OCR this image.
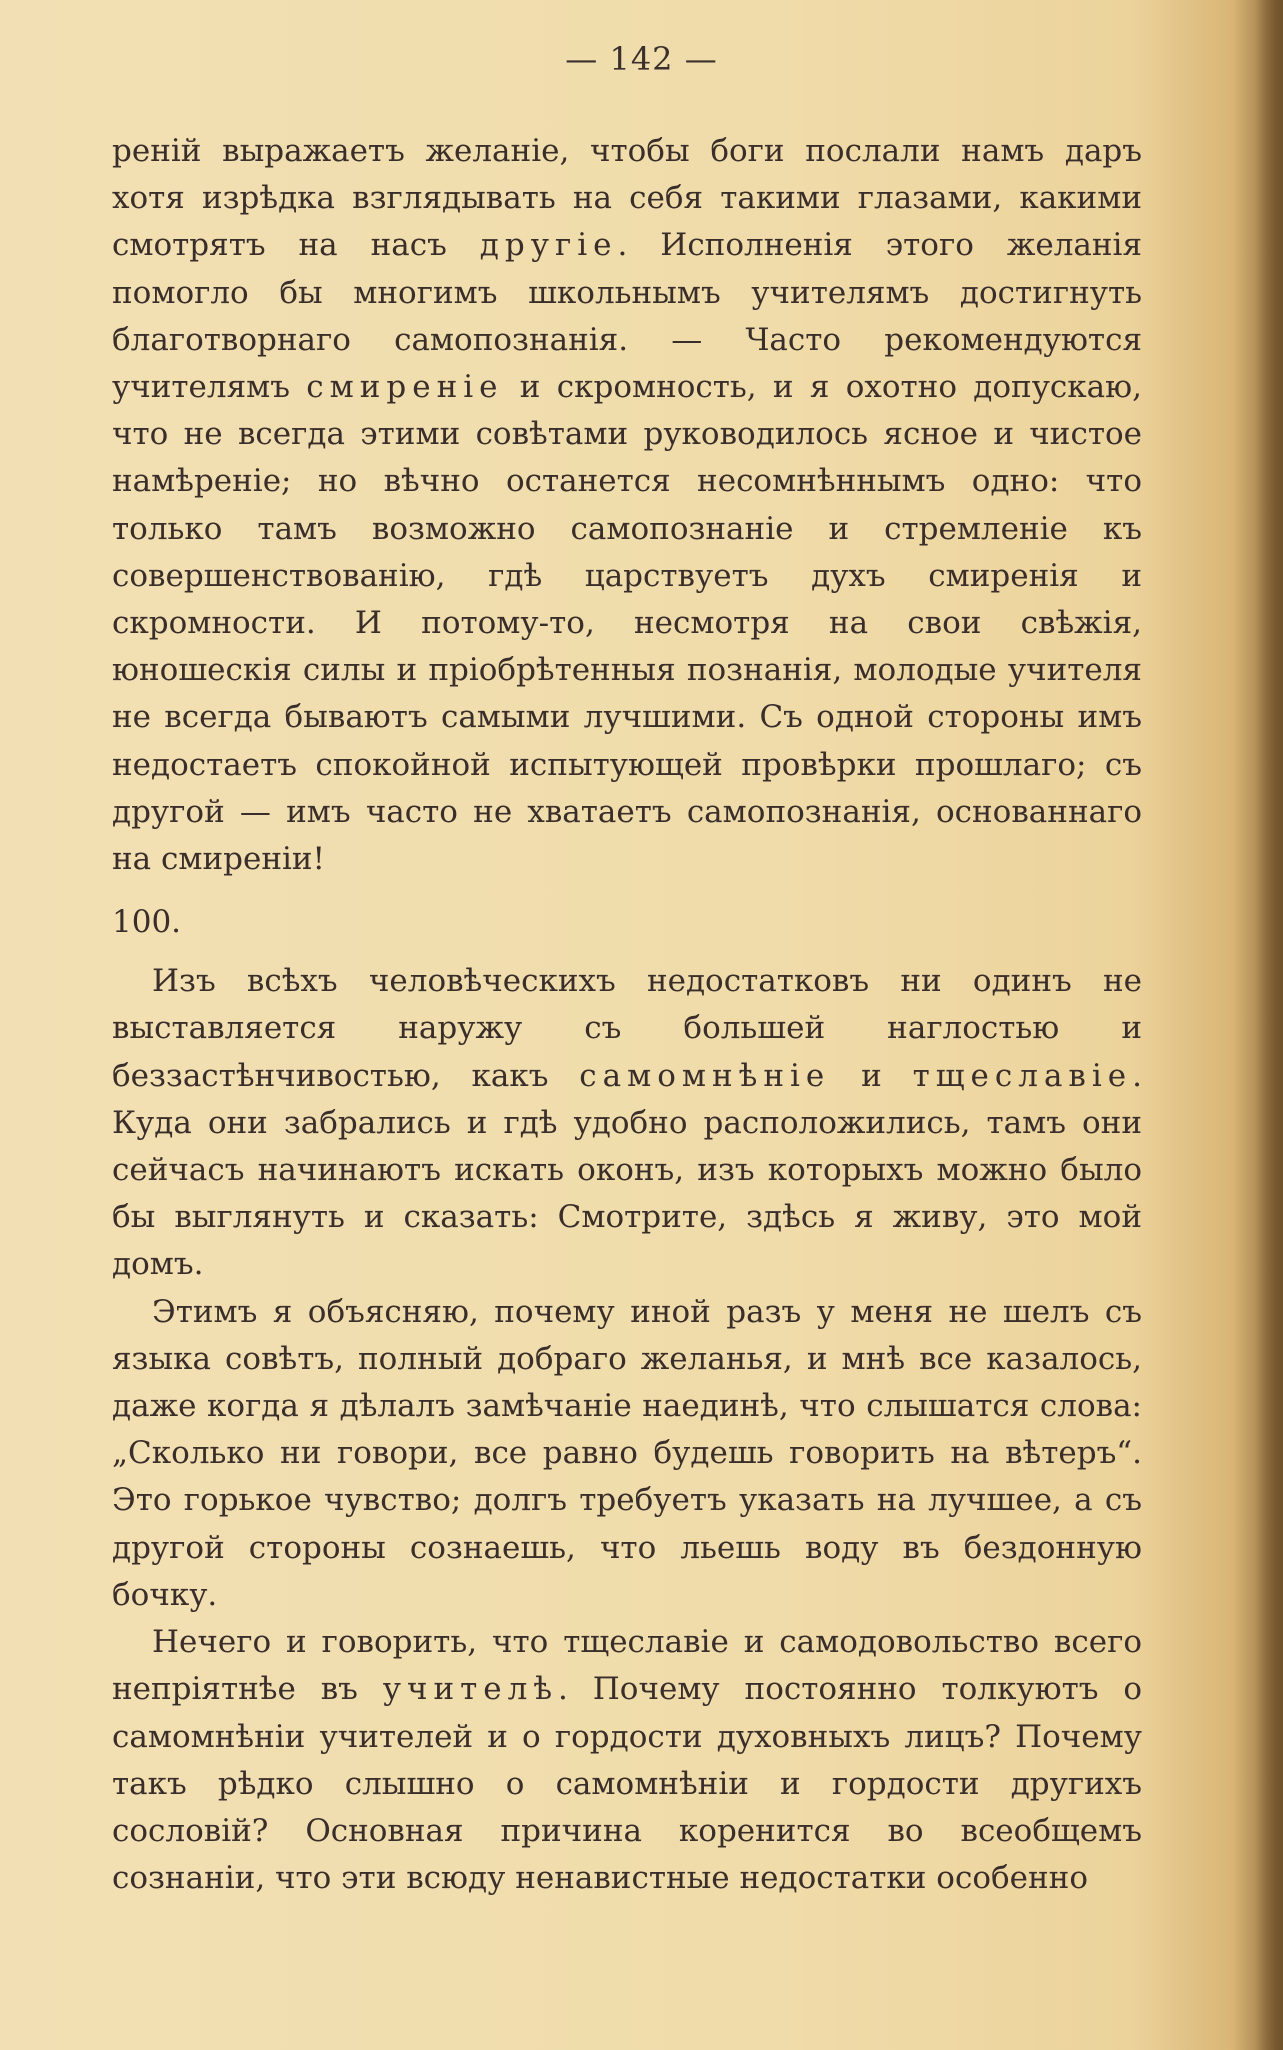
— 142 —

реній выражаетъ желаніе, чтобы боги послали намъ даръ хотя изрѣдка взглядывать на себя такими глазами, какими смотрятъ на насъ другіе. Исполненія этого желанія помогло бы многимъ школьнымъ учителямъ достигнуть благотворнаго самопознанія. — Часто рекомендуются учителямъ смиреніе и скромность, и я охотно допускаю, что не всегда этими совѣтами руководилось ясное и чистое намѣреніе; но вѣчно останется несомнѣннымъ одно: что только тамъ возможно самопознаніе и стремленіе къ совершенствованію, гдѣ царствуетъ духъ смиренія и скромности. И потому-то, несмотря на свои свѣжія, юношескія силы и пріобрѣтенныя познанія, молодые учителя не всегда бываютъ самыми лучшими. Съ одной стороны имъ недостаетъ спокойной испытующей провѣрки прошлаго; съ другой — имъ часто не хватаетъ самопознанія, основаннаго на смиреніи!

100.

Изъ всѣхъ человѣческихъ недостатковъ ни одинъ не выставляется наружу съ большей наглостью и беззастѣнчивостью, какъ самомнѣніе и тщеславіе. Куда они забрались и гдѣ удобно расположились, тамъ они сейчасъ начинаютъ искать оконъ, изъ которыхъ можно было бы выглянуть и сказать: Смотрите, здѣсь я живу, это мой домъ.

Этимъ я объясняю, почему иной разъ у меня не шелъ съ языка совѣтъ, полный добраго желанья, и мнѣ все казалось, даже когда я дѣлалъ замѣчаніе наединѣ, что слышатся слова: „Сколько ни говори, все равно будешь говорить на вѣтеръ“. Это горькое чувство; долгъ требуетъ указать на лучшее, а съ другой стороны сознаешь, что льешь воду въ бездонную бочку.

Нечего и говорить, что тщеславіе и самодовольство всего непріятнѣе въ учителѣ. Почему постоянно толкуютъ о самомнѣніи учителей и о гордости духовныхъ лицъ? Почему такъ рѣдко слышно о самомнѣніи и гордости другихъ сословій? Основная причина коренится во всеобщемъ сознаніи, что эти всюду ненавистные недостатки особенно
